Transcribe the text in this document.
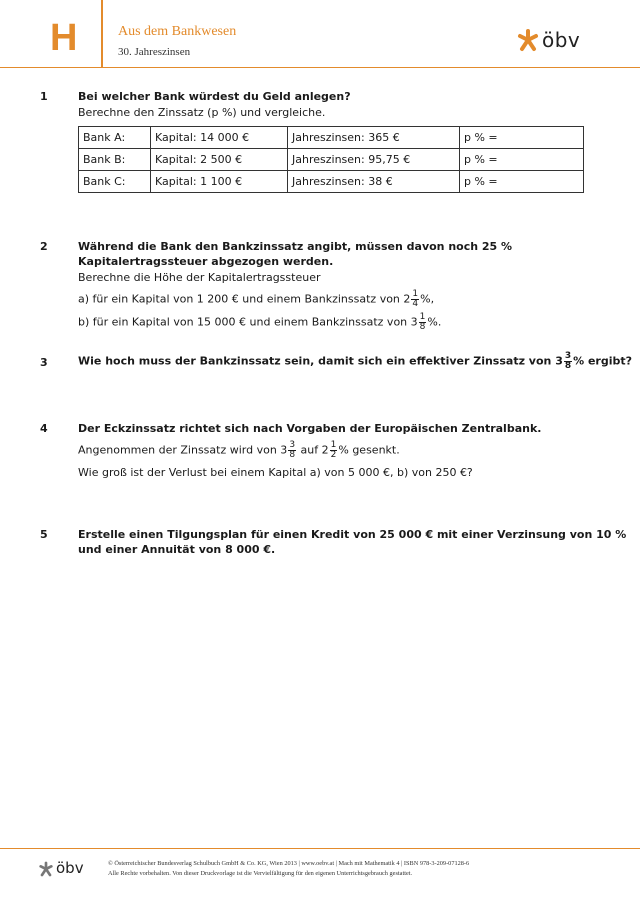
H	Aus dem Bankwesen
30. Jahreszinsen	öbv
1	Bei welcher Bank würdest du Geld anlegen?
Berechne den Zinssatz (p %) und vergleiche.
Bank A:	Kapital: 14 000 €	Jahreszinsen: 365 €	p % =
Bank B:	Kapital: 2 500 €	Jahreszinsen: 95,75 €	p % =
Bank C:	Kapital: 1 100 €	Jahreszinsen: 38 €	p % =
2	Während die Bank den Bankzinssatz angibt, müssen davon noch 25 %
Kapitalertragssteuer abgezogen werden.
Berechne die Höhe der Kapitalertragssteuer
a) für ein Kapital von 1 200 € und einem Bankzinssatz von $2 \frac{1}{4}$ %,
b) für ein Kapital von 15 000 € und einem Bankzinssatz von $3 \frac{1}{8}$ %.
3	Wie hoch muss der Bankzinssatz sein, damit sich ein effektiver Zinssatz von $3 \frac{3}{8}$ % ergibt?
4	Der Eckzinssatz richtet sich nach Vorgaben der Europäischen Zentralbank.
Angenommen der Zinssatz wird von $3 \frac{3}{8}$ auf $2 \frac{1}{2}$ % gesenkt.
Wie groß ist der Verlust bei einem Kapital a) von 5 000 €, b) von 250 €?
5	Erstelle einen Tilgungsplan für einen Kredit von 25 000 € mit einer Verzinsung von 10 %
und einer Annuität von 8 000 €.
öbv	© Österreichischer Bundesverlag Schulbuch GmbH & Co. KG, Wien 2013 | www.oebv.at | Mach mit Mathematik 4 | ISBN 978-3-209-07128-6
Alle Rechte vorbehalten. Von dieser Druckvorlage ist die Vervielfältigung für den eigenen Unterrichtsgebrauch gestattet.
